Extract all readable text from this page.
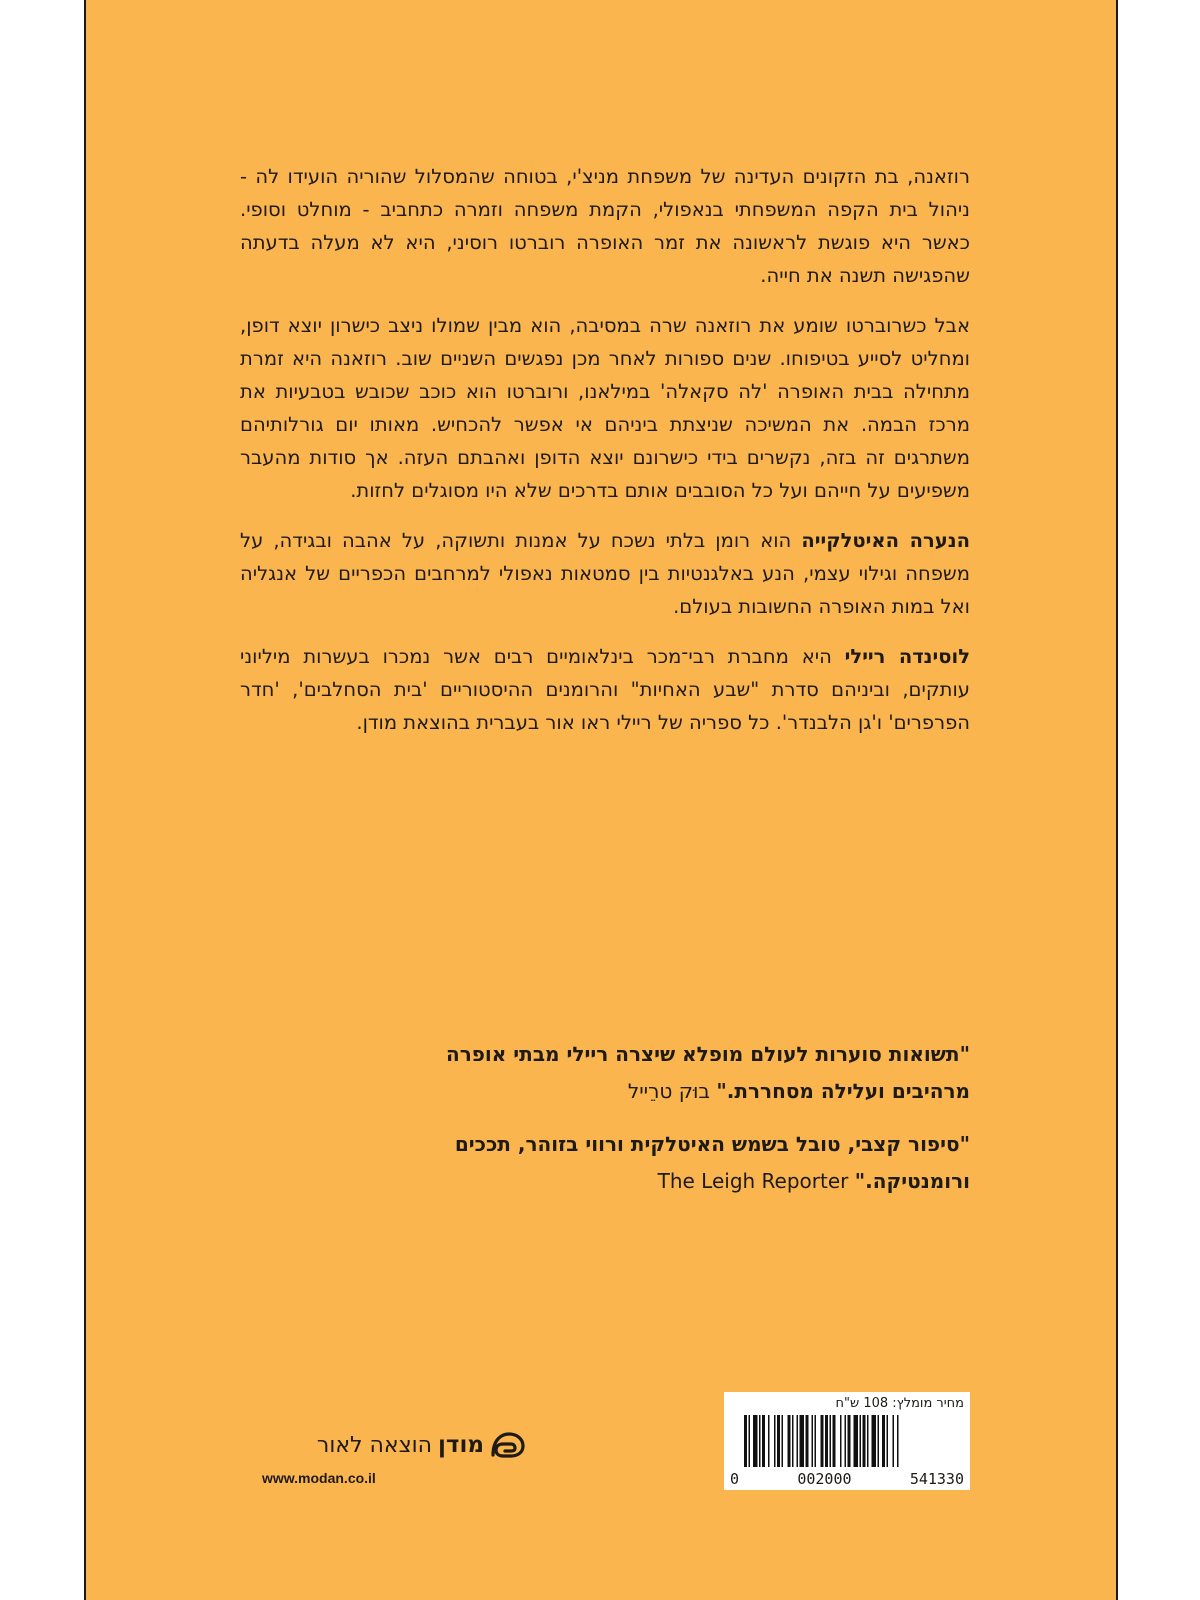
רוזאנה, בת הזקונים העדינה של משפחת מניצ'י, בטוחה שהמסלול שהוריה הועידו לה - ניהול בית הקפה המשפחתי בנאפולי, הקמת משפחה וזמרה כתחביב - מוחלט וסופי. כאשר היא פוגשת לראשונה את זמר האופרה רוברטו רוסיני, היא לא מעלה בדעתה שהפגישה תשנה את חייה.

אבל כשרוברטו שומע את רוזאנה שרה במסיבה, הוא מבין שמולו ניצב כישרון יוצא דופן, ומחליט לסייע בטיפוחו. שנים ספורות לאחר מכן נפגשים השניים שוב. רוזאנה היא זמרת מתחילה בבית האופרה 'לה סקאלה' במילאנו, ורוברטו הוא כוכב שכובש בטבעיות את מרכז הבמה. את המשיכה שניצתת ביניהם אי אפשר להכחיש. מאותו יום גורלותיהם משתרגים זה בזה, נקשרים בידי כישרונם יוצא הדופן ואהבתם העזה. אך סודות מהעבר משפיעים על חייהם ועל כל הסובבים אותם בדרכים שלא היו מסוגלים לחזות.

הנערה האיטלקייה הוא רומן בלתי נשכח על אמנות ותשוקה, על אהבה ובגידה, על משפחה וגילוי עצמי, הנע באלגנטיות בין סמטאות נאפולי למרחבים הכפריים של אנגליה ואל במות האופרה החשובות בעולם.

לוסינדה ריילי היא מחברת רבי־מכר בינלאומיים רבים אשר נמכרו בעשרות מיליוני עותקים, וביניהם סדרת "שבע האחיות" והרומנים ההיסטוריים 'בית הסחלבים', 'חדר הפרפרים' ו'גן הלבנדר'. כל ספריה של ריילי ראו אור בעברית בהוצאת מודן.

"תשואות סוערות לעולם מופלא שיצרה ריילי מבתי אופרה מרהיבים ועלילה מסחררת." בוּק טרֵייל

"סיפור קצבי, טובל בשמש האיטלקית ורווי בזוהר, תככים ורומנטיקה." The Leigh Reporter

מחיר מומלץ: 108 ש"ח
0	002000	541330
מודן
הוצאה לאור
www.modan.co.il
